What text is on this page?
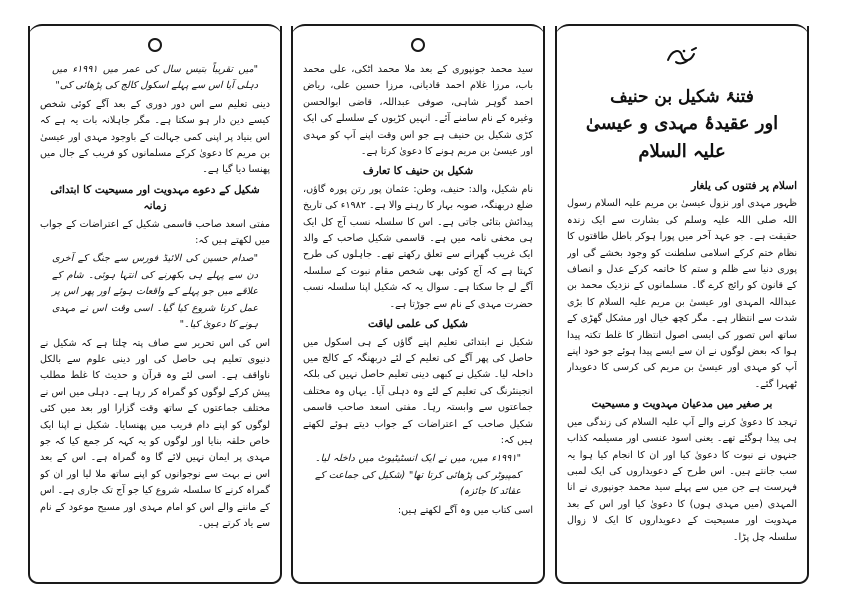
"میں تقریباً بتیس سال کی عمر میں ۱۹۹۱ء میں دہلی آیا اس سے پہلے اسکول کالج کی پڑھائی کی"

دینی تعلیم سے اس دور دوری کے بعد آگے کوئی شخص کیسے دین دار ہو سکتا ہے۔ مگر جاہلانہ بات یہ ہے کہ اس بنیاد پر اپنی کمی جہالت کے باوجود مہدی اور عیسیٰ بن مریم کا دعویٰ کرکے مسلمانوں کو فریب کے جال میں پھنسا دیا گیا ہے۔

شکیل کے دعوے مہدویت اور مسیحیت کا ابتدائی زمانہ

مفتی اسعد صاحب قاسمی شکیل کے اعتراضات کے جواب میں لکھتے ہیں کہ:

"صدام حسین کی الائیڈ فورس سے جنگ کے آخری دن سے پہلے ہی بکھرنے کی انتہا ہوئی۔ شام کے علاقے میں جو پہلے کے واقعات ہوئے اور پھر اس پر عمل کرنا شروع کیا گیا۔ اسی وقت اس نے مہدی ہونے کا دعویٰ کیا۔"

اس کی اس تحریر سے صاف پتہ چلتا ہے کہ شکیل نے دنیوی تعلیم ہی حاصل کی اور دینی علوم سے بالکل ناواقف ہے۔ اسی لئے وہ قرآن و حدیث کا غلط مطلب پیش کرکے لوگوں کو گمراہ کر رہا ہے۔ دہلی میں اس نے مختلف جماعتوں کے ساتھ وقت گزارا اور بعد میں کئی لوگوں کو اپنے دام فریب میں پھنسایا۔ شکیل نے اپنا ایک خاص حلقہ بنایا اور لوگوں کو یہ کہہ کر جمع کیا کہ جو مہدی پر ایمان نہیں لائے گا وہ گمراہ ہے۔ اس کے بعد اس نے بہت سے نوجوانوں کو اپنے ساتھ ملا لیا اور ان کو گمراہ کرنے کا سلسلہ شروع کیا جو آج تک جاری ہے۔ اس کے ماننے والے اس کو امام مہدی اور مسیح موعود کے نام سے یاد کرتے ہیں۔

سید محمد جونپوری کے بعد ملا محمد اٹکی، علی محمد باب، مرزا غلام احمد قادیانی، مرزا حسین علی، ریاض احمد گوہر شاہی، صوفی عبداللہ، قاضی ابوالحسن وغیرہ کے نام سامنے آئے۔ انہیں کڑیوں کے سلسلے کی ایک کڑی شکیل بن حنیف ہے جو اس وقت اپنے آپ کو مہدی اور عیسیٰ بن مریم ہونے کا دعویٰ کرتا ہے۔

شکیل بن حنیف کا تعارف

نام شکیل، والد: حنیف، وطن: عثمان پور رتن پورہ گاؤں، ضلع دربھنگہ، صوبہ بہار کا رہنے والا ہے۔ ۱۹۸۲ء کی تاریخ پیدائش بتائی جاتی ہے۔ اس کا سلسلہ نسب آج کل ایک ہی مخفی نامہ میں ہے۔ قاسمی شکیل صاحب کے والد ایک غریب گھرانے سے تعلق رکھتے تھے۔ جاہلوں کی طرح کہتا ہے کہ آج کوئی بھی شخص مقام نبوت کے سلسلہ آگے لے جا سکتا ہے۔ سوال یہ کہ شکیل اپنا سلسلہ نسب حضرت مہدی کے نام سے جوڑتا ہے۔

شکیل کی علمی لیاقت

شکیل نے ابتدائی تعلیم اپنے گاؤں کے ہی اسکول میں حاصل کی پھر آگے کی تعلیم کے لئے دربھنگہ کے کالج میں داخلہ لیا۔ شکیل نے کبھی دینی تعلیم حاصل نہیں کی بلکہ انجینئرنگ کی تعلیم کے لئے وہ دہلی آیا۔ یہاں وہ مختلف جماعتوں سے وابستہ رہا۔ مفتی اسعد صاحب قاسمی شکیل صاحب کے اعتراضات کے جواب دیتے ہوئے لکھتے ہیں کہ:

"۱۹۹۱ء میں، میں نے ایک انسٹیٹیوٹ میں داخلہ لیا۔ کمپیوٹر کی پڑھائی کرتا تھا" (شکیل کی جماعت کے عقائد کا جائزہ)

اسی کتاب میں وہ آگے لکھتے ہیں:

فتنۂ شکیل بن حنیف
اور عقیدۂ مہدی و عیسیٰ علیہ السلام
اسلام پر فتنوں کی یلغار

ظہور مہدی اور نزول عیسیٰ بن مریم علیہ السلام رسول اللہ صلی اللہ علیہ وسلم کی بشارت سے ایک زندہ حقیقت ہے۔ جو عہد آخر میں پورا ہوکر باطل طاقتوں کا نظام ختم کرکے اسلامی سلطنت کو وجود بخشے گی اور پوری دنیا سے ظلم و ستم کا خاتمہ کرکے عدل و انصاف کے قانون کو رائج کرے گا۔ مسلمانوں کے نزدیک محمد بن عبداللہ المہدی اور عیسیٰ بن مریم علیہ السلام کا بڑی شدت سے انتظار ہے۔ مگر کچھ خیال اور مشکل گھڑی کے ساتھ اس تصور کی ایسی اصول انتظار کا غلط تکتہ پیدا ہوا کہ بعض لوگوں نے ان سے ایسے پیدا ہوئے جو خود اپنے آپ کو مہدی اور عیسیٰ بن مریم کی کرسی کا دعویدار ٹھہرا گئے۔

بر صغیر میں مدعیان مہدویت و مسیحیت

تہجد کا دعویٰ کرنے والے آپ علیہ السلام کی زندگی میں ہی پیدا ہوگئے تھے۔ یعنی اسود عنسی اور مسیلمہ کذاب جنہوں نے نبوت کا دعویٰ کیا اور ان کا انجام کیا ہوا یہ سب جانتے ہیں۔ اس طرح کے دعویداروں کی ایک لمبی فہرست ہے جن میں سے پہلے سید محمد جونپوری نے انا المہدی (میں مہدی ہوں) کا دعویٰ کیا اور اس کے بعد مہدویت اور مسیحیت کے دعویداروں کا ایک لا زوال سلسلہ چل پڑا۔
